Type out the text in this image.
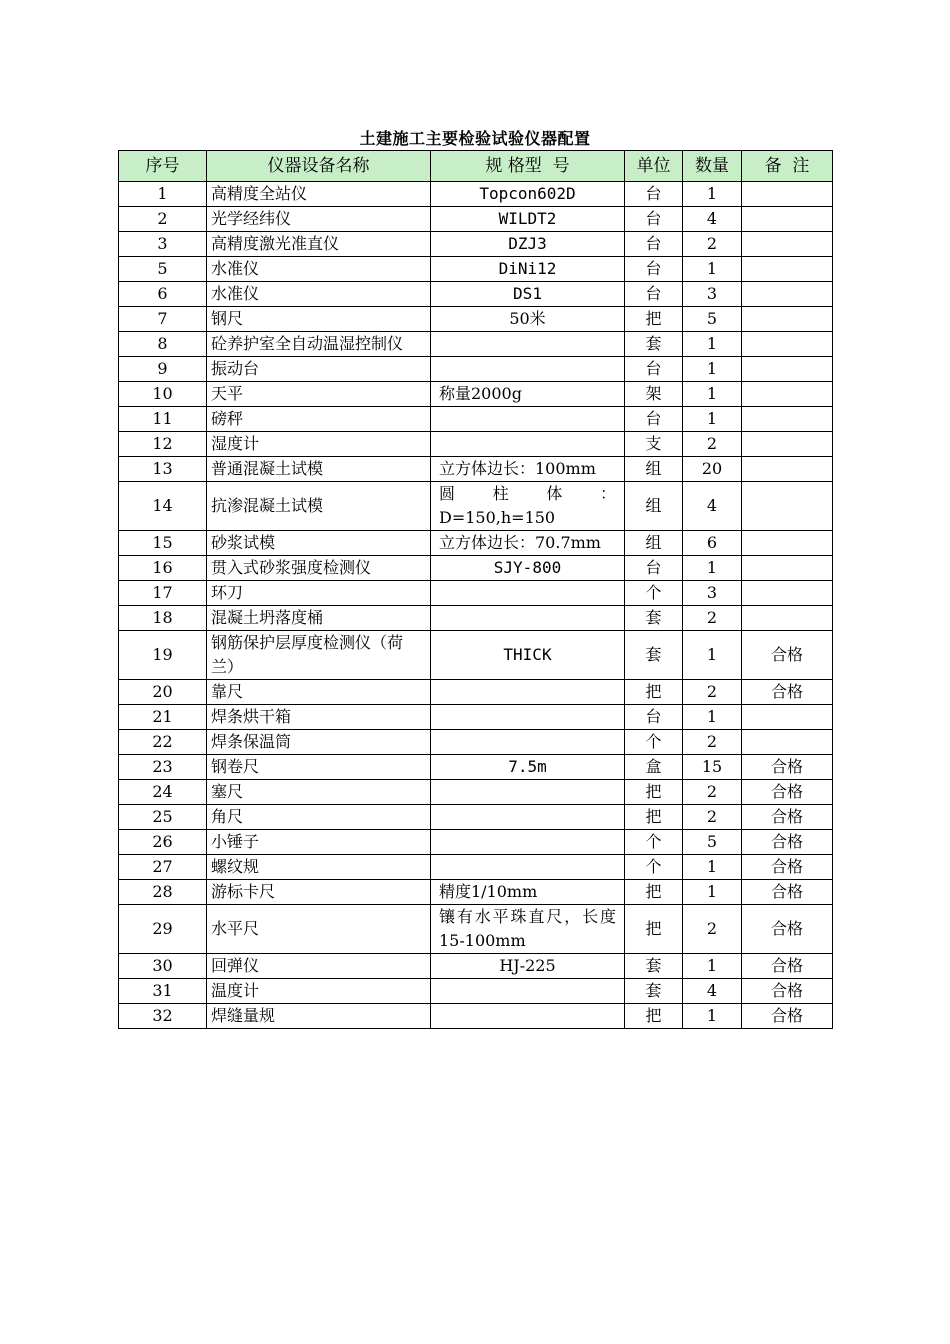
土建施工主要检验试验仪器配置
序号	仪器设备名称	规 格型  号	单位	数量	备  注
1	高精度全站仪	Topcon602D	台	1	
2	光学经纬仪	WILDT2	台	4	
3	高精度激光准直仪	DZJ3	台	2	
5	水准仪	DiNi12	台	1	
6	水准仪	DS1	台	3	
7	钢尺	50米	把	5	
8	砼养护室全自动温湿控制仪		套	1	
9	振动台		台	1	
10	天平	称量2000g	架	1	
11	磅秤		台	1	
12	湿度计		支	2	
13	普通混凝土试模	立方体边长：100mm	组	20	
14	抗渗混凝土试模	圆柱体：D=150,h=150	组	4	
15	砂浆试模	立方体边长：70.7mm	组	6	
16	贯入式砂浆强度检测仪	SJY-800	台	1	
17	环刀		个	3	
18	混凝土坍落度桶		套	2	
19	钢筋保护层厚度检测仪（荷兰）	THICK	套	1	合格
20	靠尺		把	2	合格
21	焊条烘干箱		台	1	
22	焊条保温筒		个	2	
23	钢卷尺	7.5m	盒	15	合格
24	塞尺		把	2	合格
25	角尺		把	2	合格
26	小锤子		个	5	合格
27	螺纹规		个	1	合格
28	游标卡尺	精度1/10mm	把	1	合格
29	水平尺	镶有水平珠直尺，长度15-100mm	把	2	合格
30	回弹仪	HJ-225	套	1	合格
31	温度计		套	4	合格
32	焊缝量规		把	1	合格
